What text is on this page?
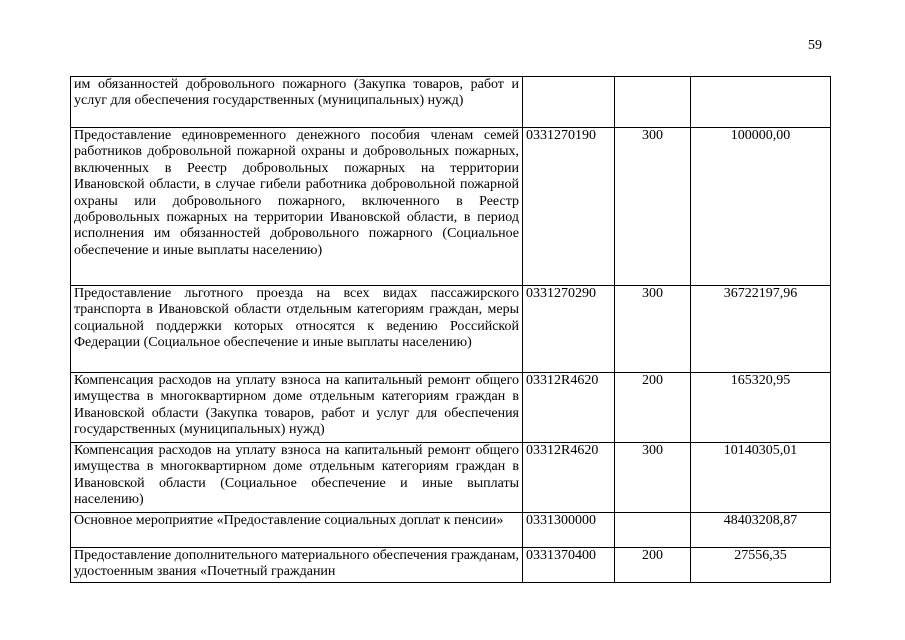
59
им обязанностей добровольного пожарного (Закупка товаров, работ и услуг для обеспечения государственных (муниципальных) нужд)			
Предоставление единовременного денежного пособия членам семей работников добровольной пожарной охраны и добровольных пожарных, включенных в Реестр добровольных пожарных на территории Ивановской области, в случае гибели работника добровольной пожарной охраны или добровольного пожарного, включенного в Реестр добровольных пожарных на территории Ивановской области, в период исполнения им обязанностей добровольного пожарного (Социальное обеспечение и иные выплаты населению)	0331270190	300	100000,00
Предоставление льготного проезда на всех видах пассажирского транспорта в Ивановской области отдельным категориям граждан, меры социальной поддержки которых относятся к ведению Российской Федерации (Социальное обеспечение и иные выплаты населению)	0331270290	300	36722197,96
Компенсация расходов на уплату взноса на капитальный ремонт общего имущества в многоквартирном доме отдельным категориям граждан в Ивановской области (Закупка товаров, работ и услуг для обеспечения государственных (муниципальных) нужд)	03312R4620	200	165320,95
Компенсация расходов на уплату взноса на капитальный ремонт общего имущества в многоквартирном доме отдельным категориям граждан в Ивановской области (Социальное обеспечение и иные выплаты населению)	03312R4620	300	10140305,01
Основное мероприятие «Предоставление социальных доплат к пенсии»	0331300000		48403208,87
Предоставление дополнительного материального обеспечения гражданам, удостоенным звания «Почетный гражданин	0331370400	200	27556,35
